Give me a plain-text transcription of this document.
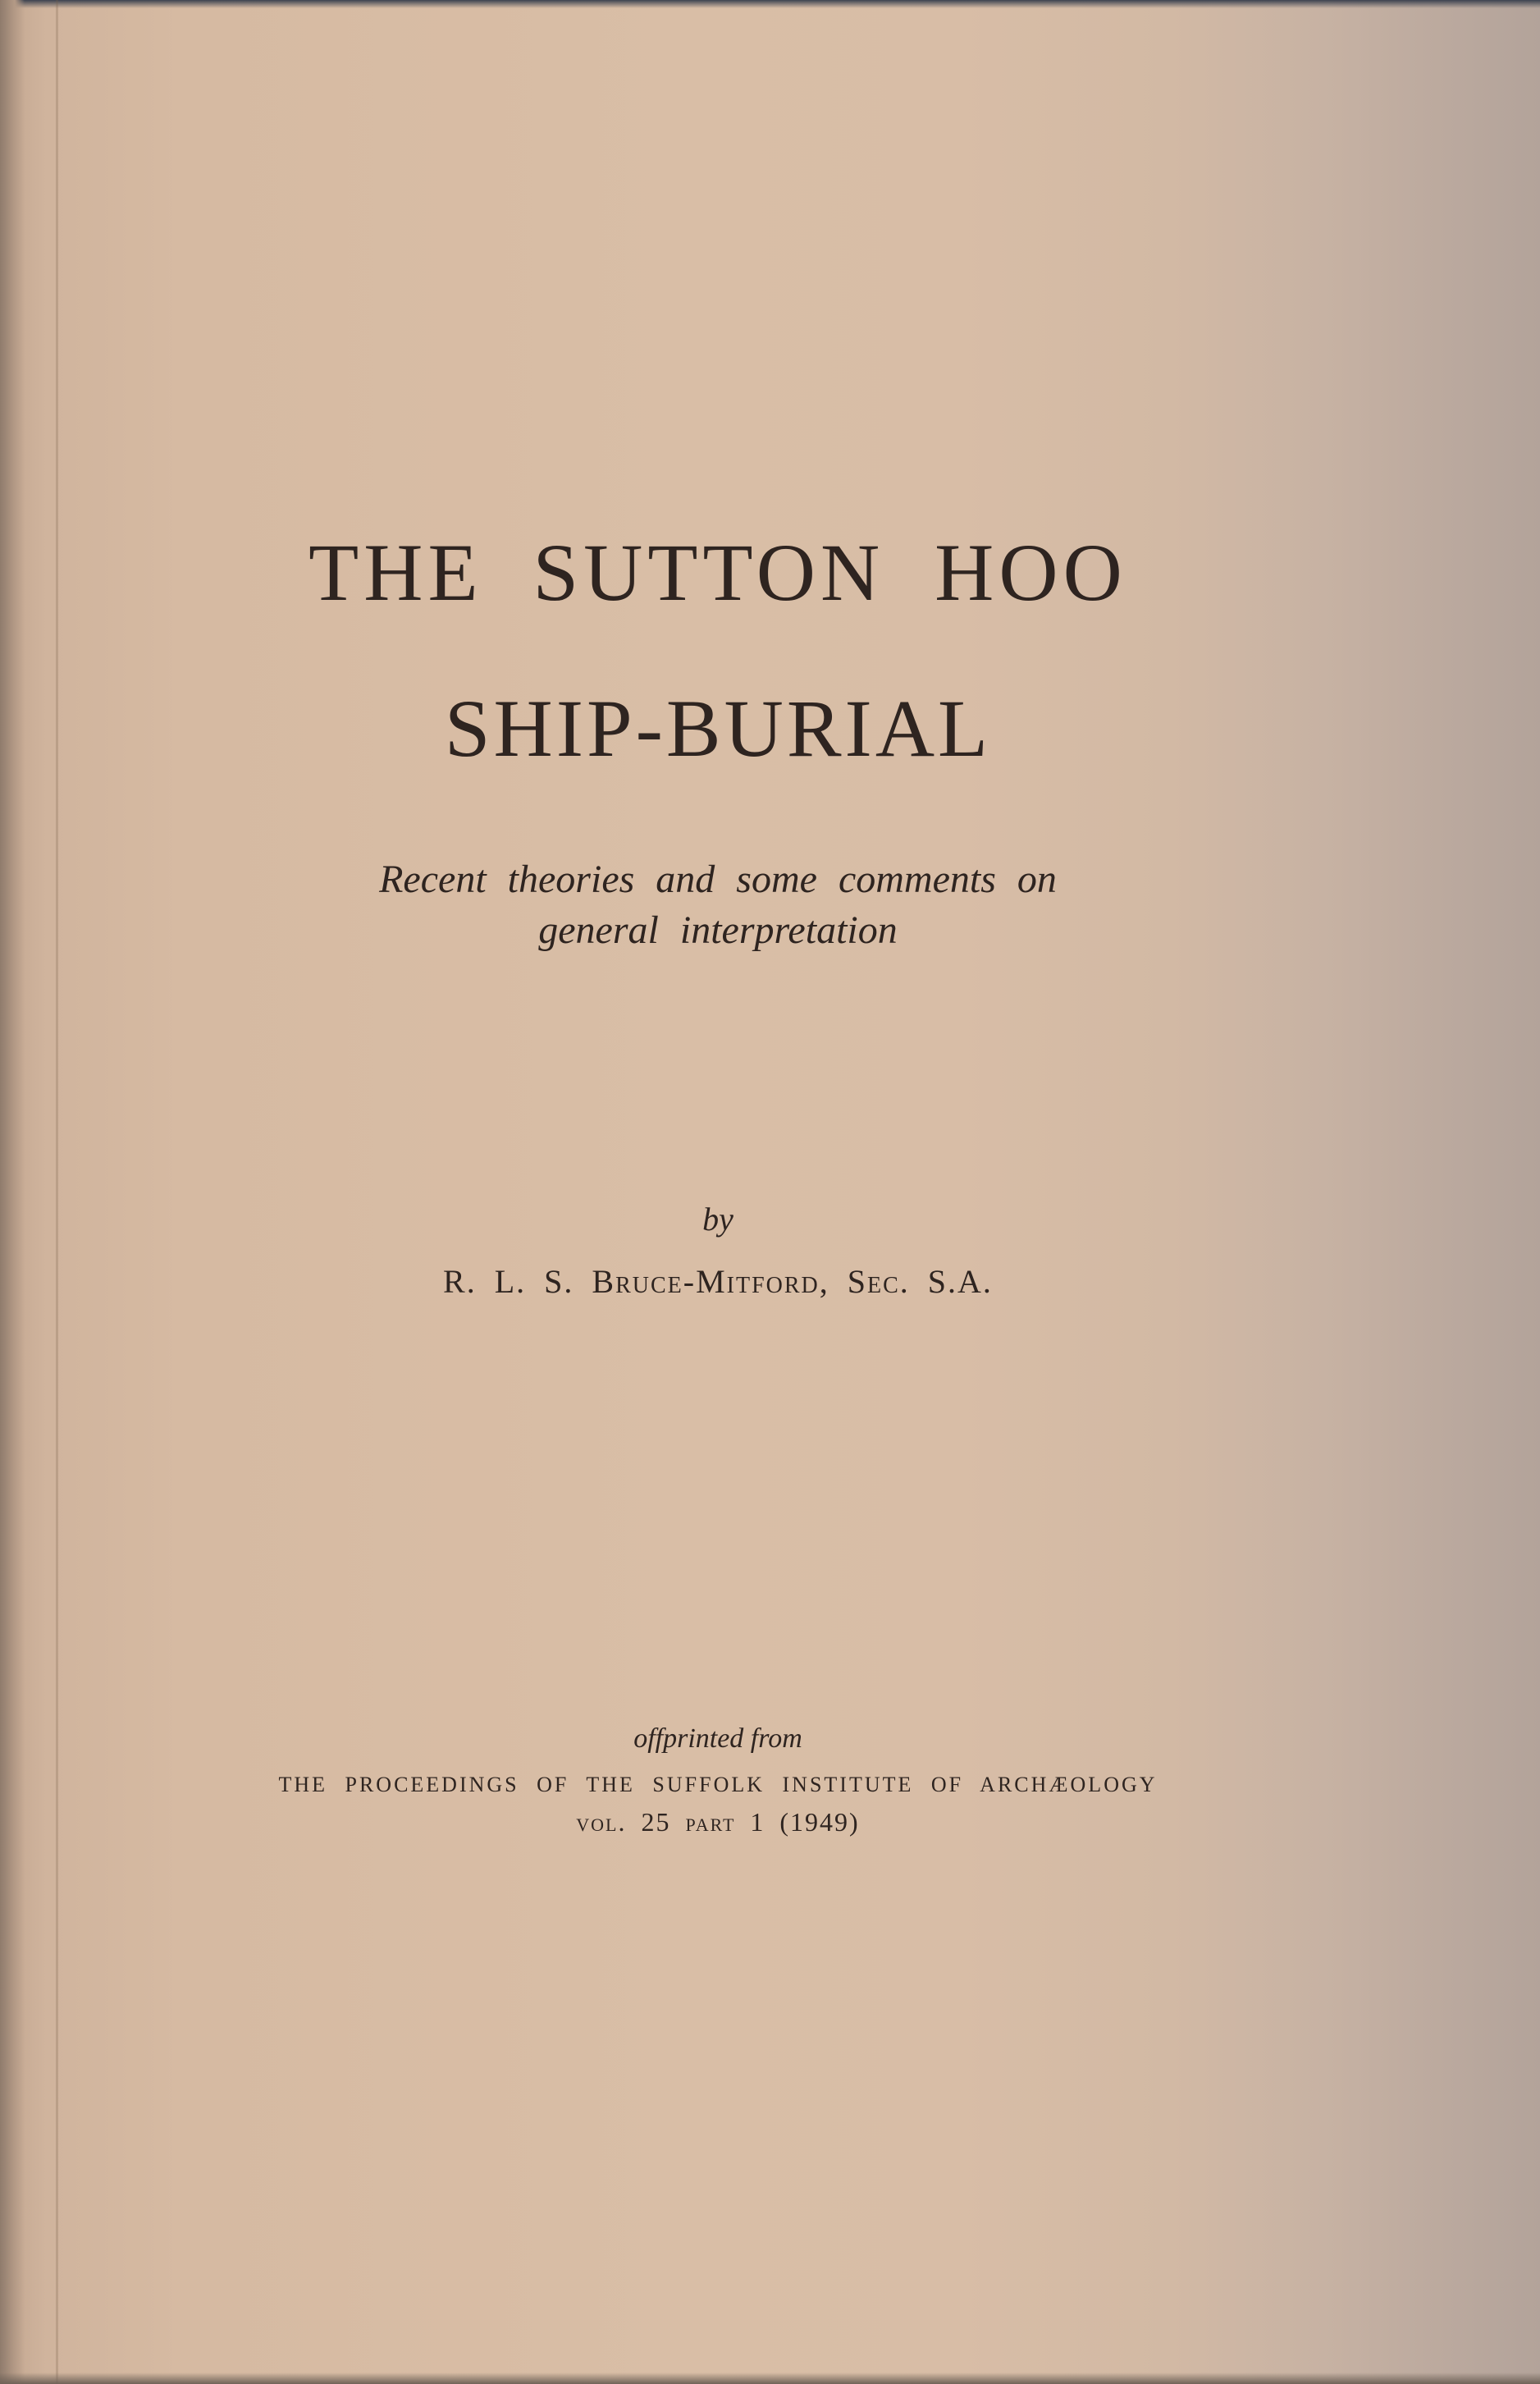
THE SUTTON HOO
SHIP-BURIAL
Recent theories and some comments on
general interpretation
by
R. L. S. Bruce-Mitford, Sec. S.A.
offprinted from
THE PROCEEDINGS OF THE SUFFOLK INSTITUTE OF ARCHÆOLOGY
vol. 25 part 1 (1949)
